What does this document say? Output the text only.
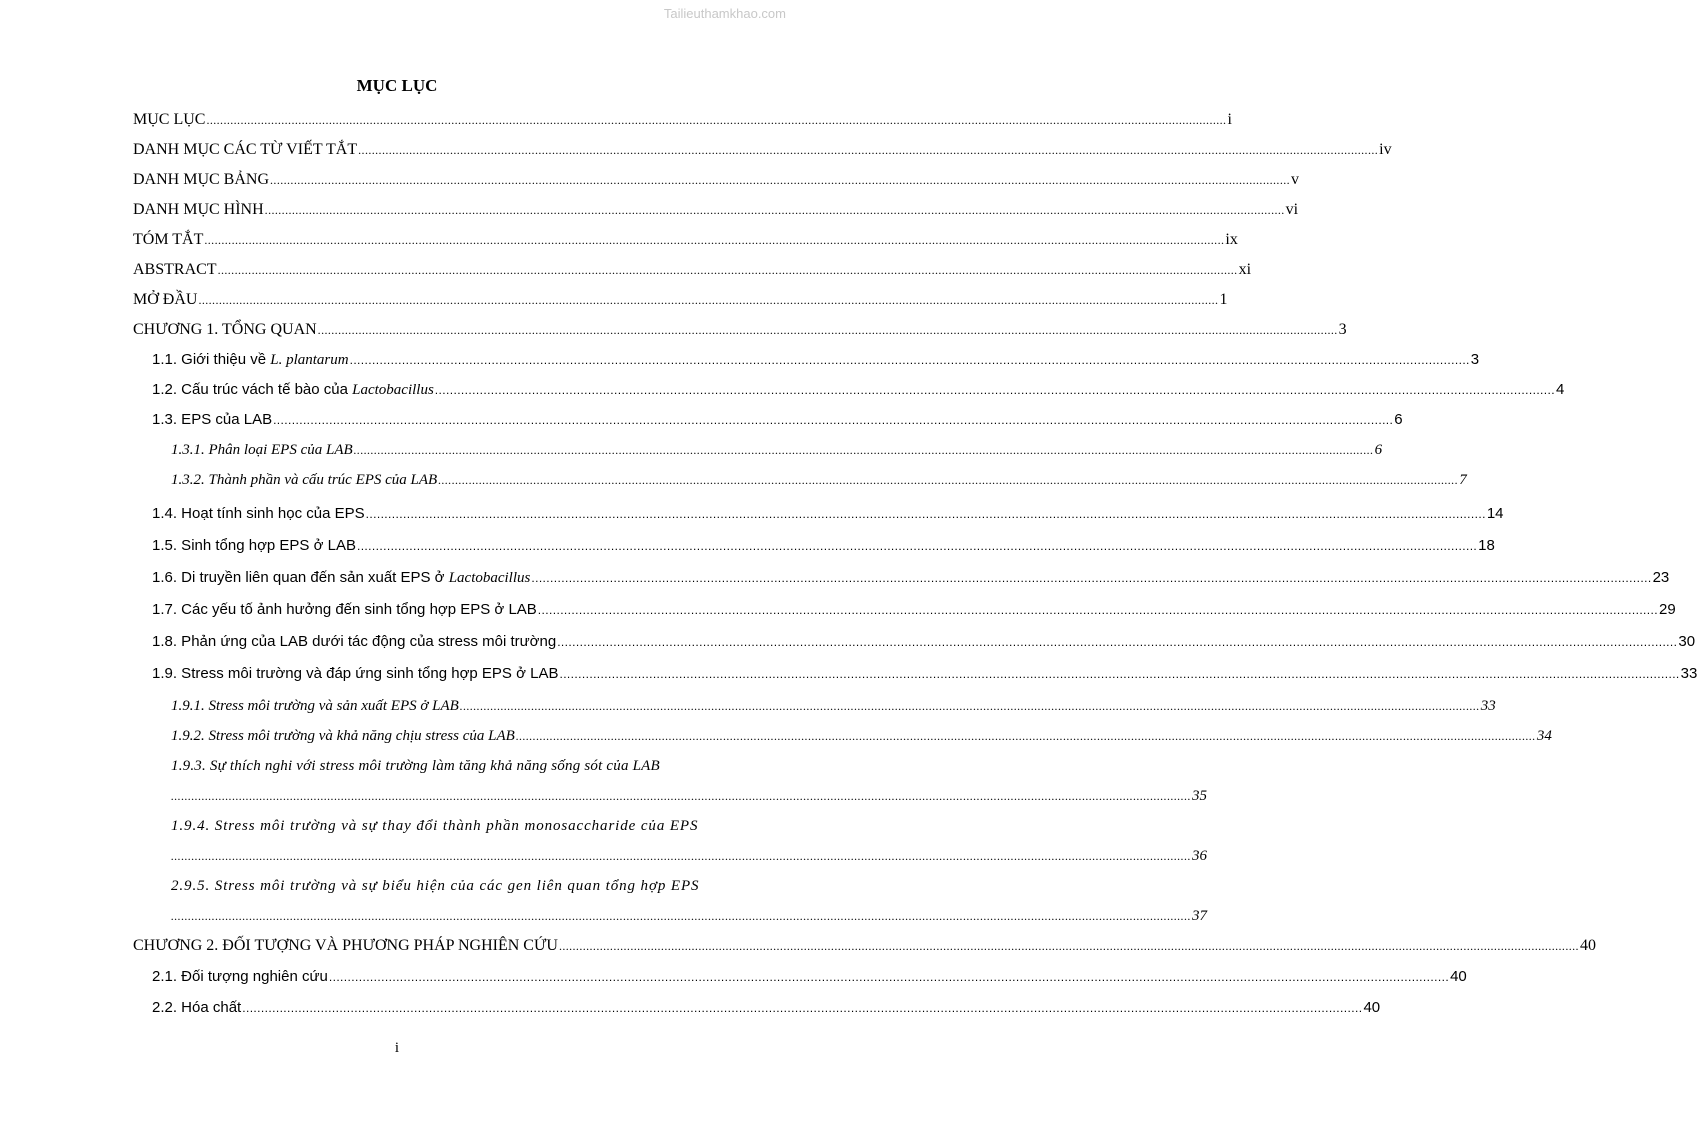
Tailieuthamkhao.com
MỤC LỤC
MỤC LỤC ............................................................................................................................................................................................................................................................................................................ i
DANH MỤC CÁC TỪ VIẾT TẮT ............................................................................................................................................................................................................................................................................................................ iv
DANH MỤC BẢNG ............................................................................................................................................................................................................................................................................................................ v
DANH MỤC HÌNH ............................................................................................................................................................................................................................................................................................................ vi
TÓM TẮT ............................................................................................................................................................................................................................................................................................................ ix
ABSTRACT ............................................................................................................................................................................................................................................................................................................ xi
MỞ ĐẦU ............................................................................................................................................................................................................................................................................................................ 1
CHƯƠNG 1. TỔNG QUAN ............................................................................................................................................................................................................................................................................................................ 3
1.1. Giới thiệu về L. plantarum ............................................................................................................................................................................................................................................................................................................ 3
1.2. Cấu trúc vách tế bào của Lactobacillus ............................................................................................................................................................................................................................................................................................................ 4
1.3. EPS của LAB ............................................................................................................................................................................................................................................................................................................ 6
1.3.1. Phân loại EPS của LAB ............................................................................................................................................................................................................................................................................................................ 6
1.3.2. Thành phần và cấu trúc EPS của LAB ............................................................................................................................................................................................................................................................................................................ 7
1.4. Hoạt tính sinh học của EPS ............................................................................................................................................................................................................................................................................................................ 14
1.5. Sinh tổng hợp EPS ở LAB ............................................................................................................................................................................................................................................................................................................ 18
1.6. Di truyền liên quan đến sản xuất EPS ở Lactobacillus ............................................................................................................................................................................................................................................................................................................ 23
1.7. Các yếu tố ảnh hưởng đến sinh tổng hợp EPS ở LAB ............................................................................................................................................................................................................................................................................................................ 29
1.8. Phản ứng của LAB dưới tác động của stress môi trường ............................................................................................................................................................................................................................................................................................................ 30
1.9. Stress môi trường và đáp ứng sinh tổng hợp EPS ở LAB ............................................................................................................................................................................................................................................................................................................ 33
1.9.1. Stress môi trường và sản xuất EPS ở LAB ............................................................................................................................................................................................................................................................................................................ 33
1.9.2. Stress môi trường và khả năng chịu stress của LAB ............................................................................................................................................................................................................................................................................................................ 34
1.9.3. Sự thích nghi với stress môi trường làm tăng khả năng sống sót của LAB
............................................................................................................................................................................................................................................................................................................ 35
1.9.4. Stress môi trường và sự thay đổi thành phần monosaccharide của EPS
............................................................................................................................................................................................................................................................................................................ 36
2.9.5. Stress môi trường và sự biểu hiện của các gen liên quan tổng hợp EPS
............................................................................................................................................................................................................................................................................................................ 37
CHƯƠNG 2. ĐỐI TƯỢNG VÀ PHƯƠNG PHÁP NGHIÊN CỨU ............................................................................................................................................................................................................................................................................................................ 40
2.1. Đối tượng nghiên cứu ............................................................................................................................................................................................................................................................................................................ 40
2.2. Hóa chất ............................................................................................................................................................................................................................................................................................................ 40
i
